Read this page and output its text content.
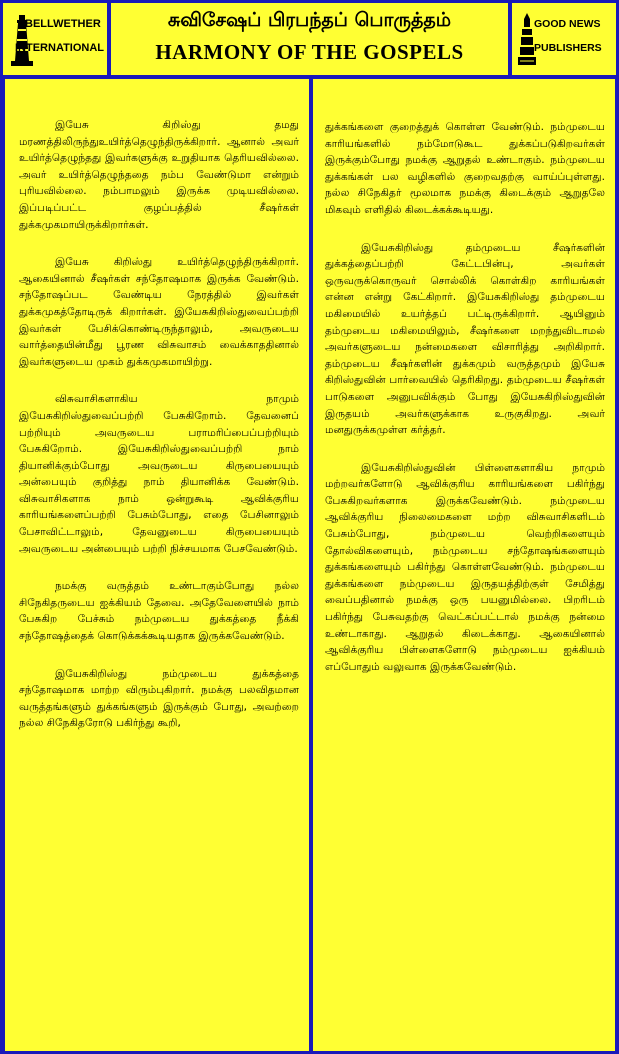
BELLWETHER
INTERNATIONAL
சுவிசேஷப் பிரபந்தப் பொருத்தம்
HARMONY OF THE GOSPELS
GOOD NEWS
PUBLISHERS

இயேசு கிறிஸ்து தமது மரணத்திலிருந்துஉயிர்த்தெழுந்திருக்கிறார். ஆனால் அவர் உயிர்த்தெழுந்தது இவர்களுக்கு உறுதியாக தெரியவில்லை. அவர் உயிர்த்தெழுந்ததை நம்ப வேண்டுமா என்றும் புரியவில்லை. நம்பாமலும் இருக்க முடியவில்லை. இப்படிப்பட்ட குழப்பத்தில் சீஷர்கள் துக்கமுகமாயிருக்கிறார்கள்.

இயேசு கிறிஸ்து உயிர்த்தெழுந்திருக்கிறார். ஆகையினால் சீஷர்கள் சந்தோஷமாக இருக்க வேண்டும். சந்தோஷப்பட வேண்டிய நேரத்தில் இவர்கள் துக்கமுகத்தோடிருக் கிறார்கள். இயேசுகிறிஸ்துவைப்பற்றி இவர்கள் பேசிக்கொண்டிருந்தாலும், அவருடைய வார்த்தையின்மீது பூரண விசுவாசம் வைக்காததினால் இவர்களுடைய முகம் துக்கமுகமாயிற்று.

விசுவாசிகளாகிய நாமும் இயேசுகிறிஸ்துவைப்பற்றி பேசுகிறோம். தேவனைப் பற்றியும் அவருடைய பராமரிப்பைப்பற்றியும் பேசுகிறோம். இயேசுகிறிஸ்துவைப்பற்றி நாம் தியானிக்கும்போது அவருடைய கிருபையையும் அன்பையும் குறித்து நாம் தியானிக்க வேண்டும். விசுவாசிகளாக நாம் ஒன்றுகூடி ஆவிக்குரிய காரியங்களைப்பற்றி பேசும்போது, எதை பேசினாலும் பேசாவிட்டாலும், தேவனுடைய கிருபையையும் அவருடைய அன்பையும் பற்றி நிச்சயமாக பேசவேண்டும்.

நமக்கு வருத்தம் உண்டாகும்போது நல்ல சிநேகிதருடைய ஐக்கியம் தேவை. அதேவேளையில் நாம் பேசுகிற பேச்சும் நம்முடைய துக்கத்தை நீக்கி சந்தோஷத்தைக் கொடுக்கக்கூடியதாக இருக்கவேண்டும்.

இயேசுகிறிஸ்து நம்முடைய துக்கத்தை சந்தோஷமாக மாற்ற விரும்புகிறார். நமக்கு பலவிதமான வருத்தங்களும் துக்கங்களும் இருக்கும் போது, அவற்றை நல்ல சிநேகிதரோடு பகிர்ந்து கூறி,

துக்கங்களை குறைத்துக் கொள்ள வேண்டும். நம்முடைய காரியங்களில் நம்மோடுகூட துக்கப்படுகிறவர்கள் இருக்கும்போது நமக்கு ஆறுதல் உண்டாகும். நம்முடைய துக்கங்கள் பல வழிகளில் குறைவதற்கு வாய்ப்புள்ளது. நல்ல சிநேகிதர் மூலமாக நமக்கு கிடைக்கும் ஆறுதலே மிகவும் எளிதில் கிடைக்கக்கூடியது.

இயேசுகிறிஸ்து தம்முடைய சீஷர்களின் துக்கத்தைப்பற்றி கேட்டபின்பு, அவர்கள் ஒருவருக்கொருவர் சொல்லிக் கொள்கிற காரியங்கள் என்ன என்று கேட்கிறார். இயேசுகிறிஸ்து தம்முடைய மகிமையில் உயர்த்தப் பட்டிருக்கிறார். ஆயினும் தம்முடைய மகிமையிலும், சீஷர்களை மறந்துவிடாமல் அவர்களுடைய நன்மைகளை விசாரித்து அறிகிறார். தம்முடைய சீஷர்களின் துக்கமும் வருத்தமும் இயேசு கிறிஸ்துவின் பார்வையில் தெரிகிறது. தம்முடைய சீஷர்கள் பாடுகளை அனுபவிக்கும் போது இயேசுகிறிஸ்துவின் இருதயம் அவர்களுக்காக உருகுகிறது. அவர் மனதுருக்கமுள்ள கர்த்தர்.

இயேசுகிறிஸ்துவின் பிள்ளைகளாகிய நாமும் மற்றவர்களோடு ஆவிக்குரிய காரியங்களை பகிர்ந்து பேசுகிறவர்களாக இருக்கவேண்டும். நம்முடைய ஆவிக்குரிய நிலைமைகளை மற்ற விசுவாசிகளிடம் பேசும்போது, நம்முடைய வெற்றிகளையும் தோல்விகளையும், நம்முடைய சந்தோஷங்களையும் துக்கங்களையும் பகிர்ந்து கொள்ளவேண்டும். நம்முடைய துக்கங்களை நம்முடைய இருதயத்திற்குள் சேமித்து வைப்பதினால் நமக்கு ஒரு பயனுமில்லை. பிறரிடம் பகிர்ந்து பேசுவதற்கு வெட்கப்பட்டால் நமக்கு நன்மை உண்டாகாது. ஆறுதல் கிடைக்காது. ஆகையினால் ஆவிக்குரிய பிள்ளைகளோடு நம்முடைய ஐக்கியம் எப்போதும் வலுவாக இருக்கவேண்டும்.
